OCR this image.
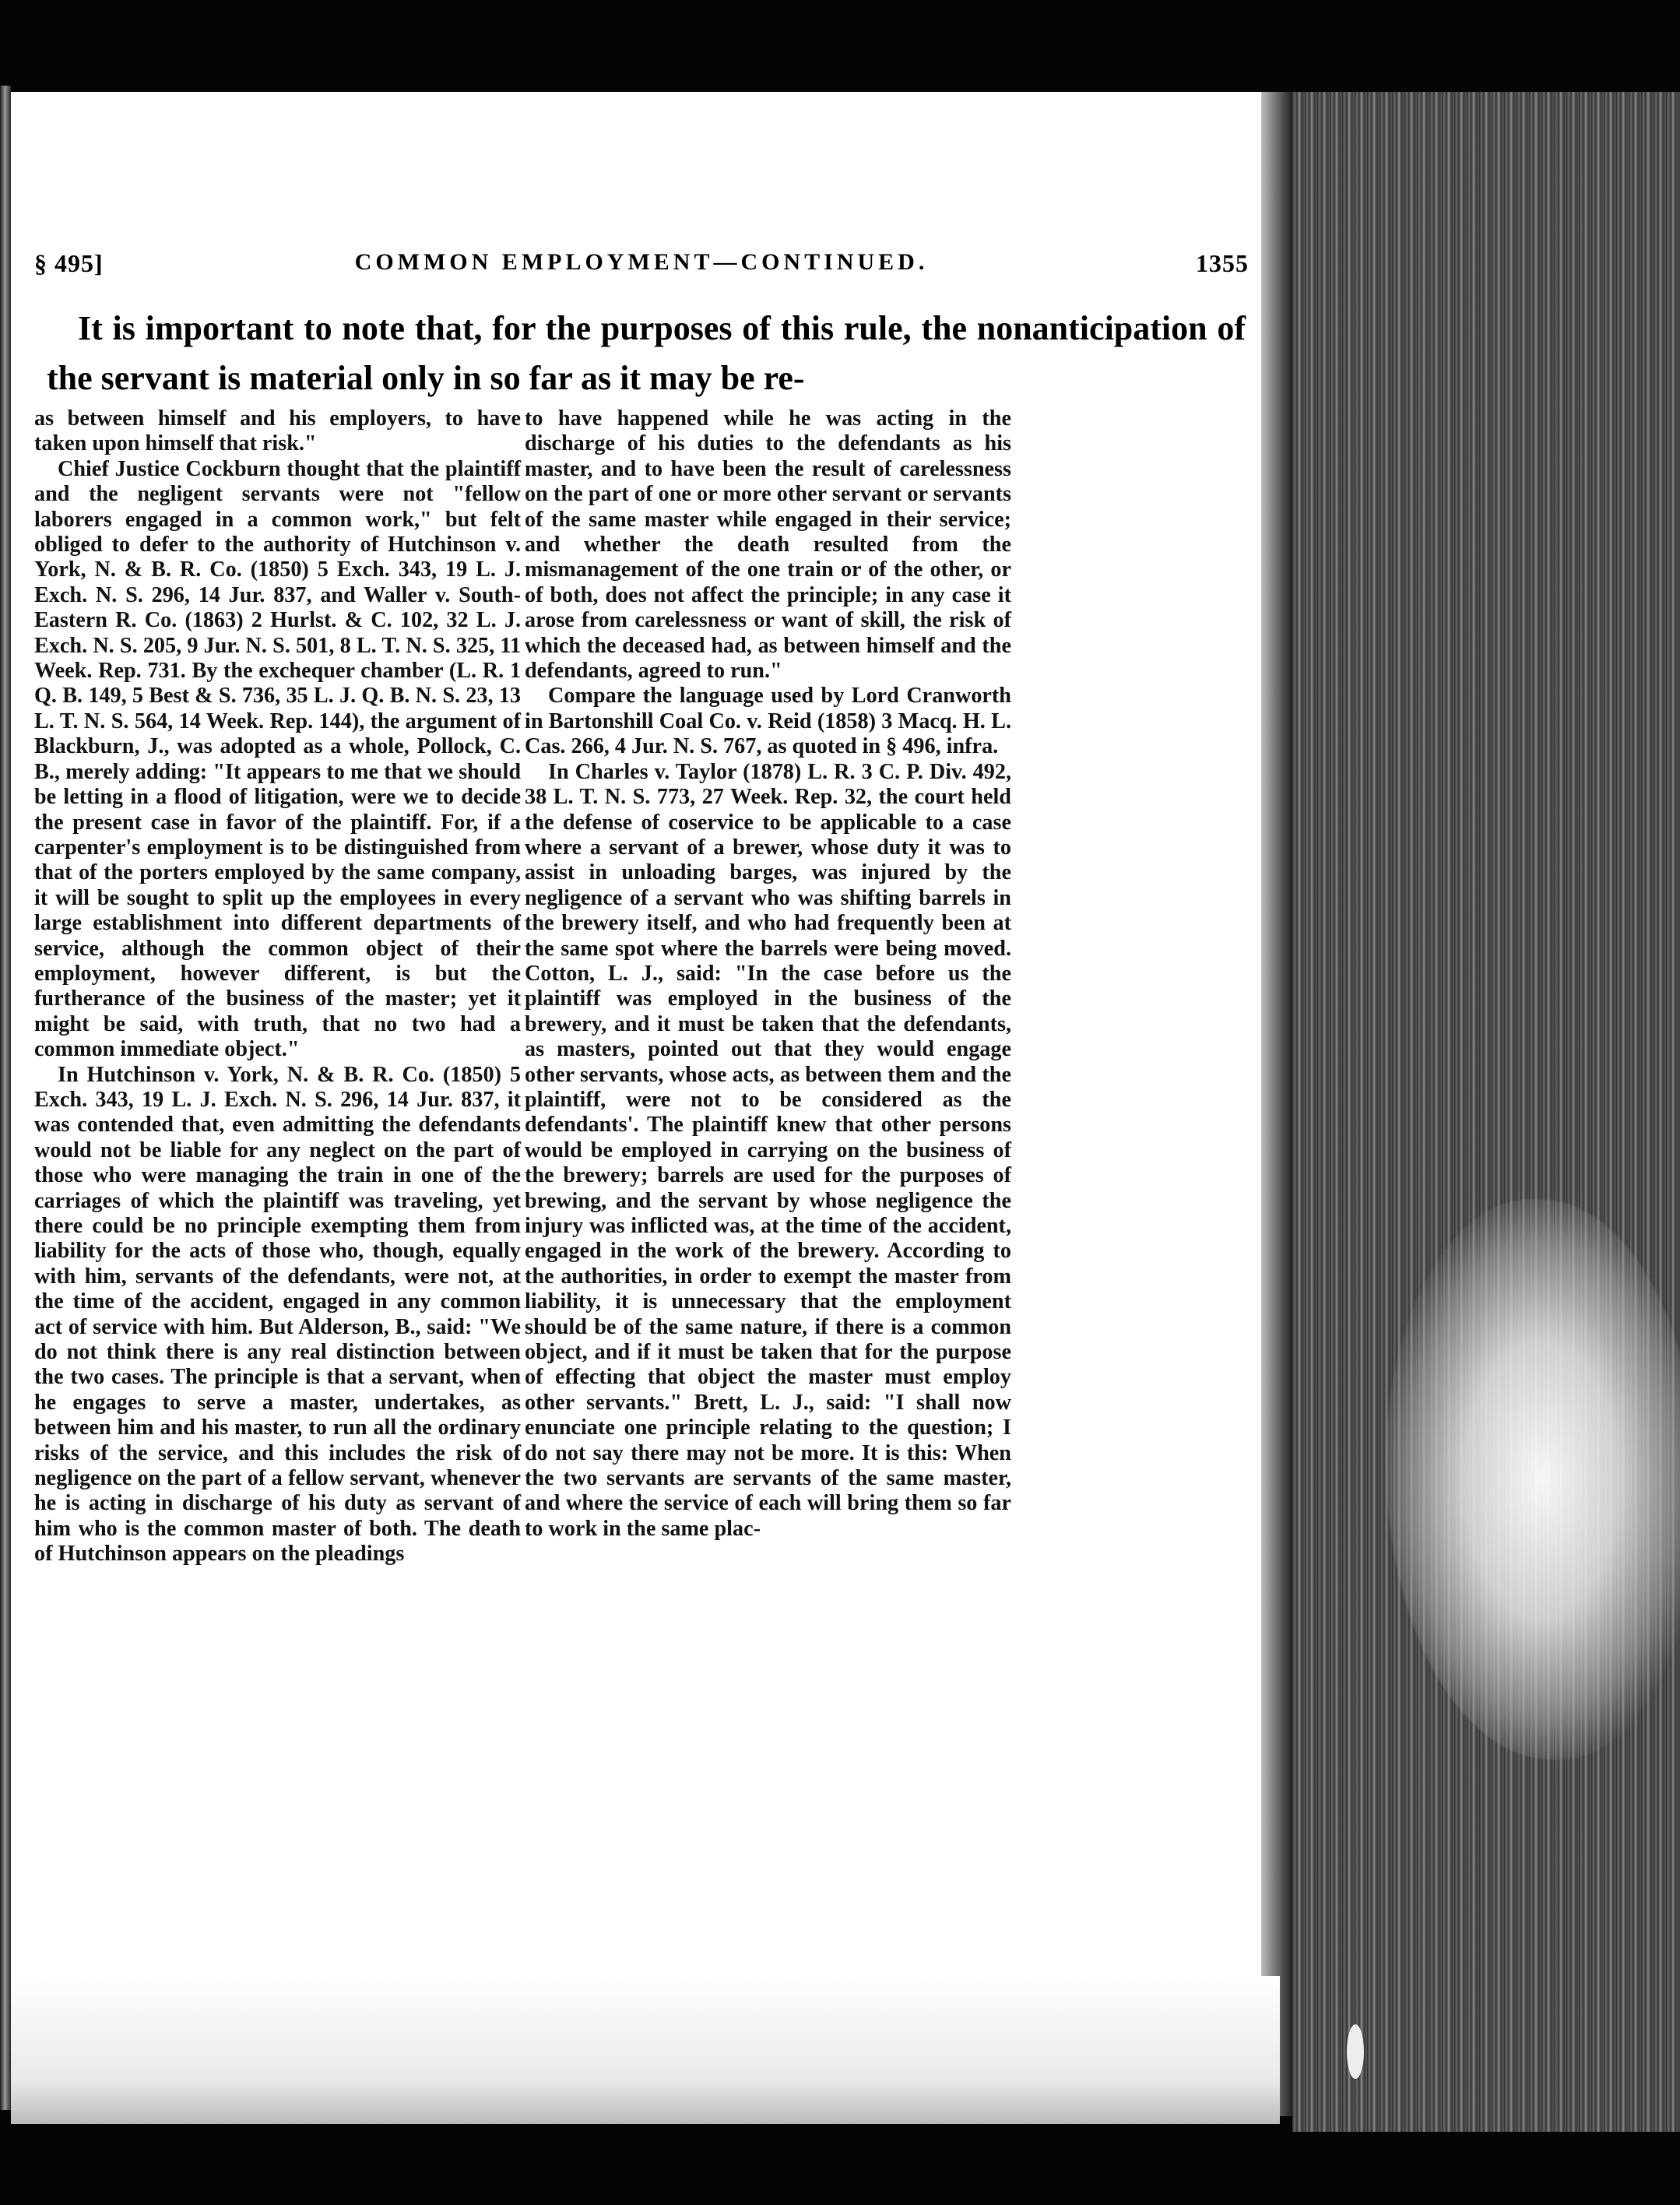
COMMON EMPLOYMENT—CONTINUED.
§ 495]	1355

It is important to note that, for the purposes of this rule, the nonanticipation of the servant is material only in so far as it may be re-

as between himself and his employers, to have taken upon himself that risk."

Chief Justice Cockburn thought that the plaintiff and the negligent servants were not "fellow laborers engaged in a common work," but felt obliged to defer to the authority of Hutchinson v. York, N. & B. R. Co. (1850) 5 Exch. 343, 19 L. J. Exch. N. S. 296, 14 Jur. 837, and Waller v. South-Eastern R. Co. (1863) 2 Hurlst. & C. 102, 32 L. J. Exch. N. S. 205, 9 Jur. N. S. 501, 8 L. T. N. S. 325, 11 Week. Rep. 731. By the exchequer chamber (L. R. 1 Q. B. 149, 5 Best & S. 736, 35 L. J. Q. B. N. S. 23, 13 L. T. N. S. 564, 14 Week. Rep. 144), the argument of Blackburn, J., was adopted as a whole, Pollock, C. B., merely adding: "It appears to me that we should be letting in a flood of litigation, were we to decide the present case in favor of the plaintiff. For, if a carpenter's employment is to be distinguished from that of the porters employed by the same company, it will be sought to split up the employees in every large establishment into different departments of service, although the common object of their employment, however different, is but the furtherance of the business of the master; yet it might be said, with truth, that no two had a common immediate object."

In Hutchinson v. York, N. & B. R. Co. (1850) 5 Exch. 343, 19 L. J. Exch. N. S. 296, 14 Jur. 837, it was contended that, even admitting the defendants would not be liable for any neglect on the part of those who were managing the train in one of the carriages of which the plaintiff was traveling, yet there could be no principle exempting them from liability for the acts of those who, though, equally with him, servants of the defendants, were not, at the time of the accident, engaged in any common act of service with him. But Alderson, B., said: "We do not think there is any real distinction between the two cases. The principle is that a servant, when he engages to serve a master, undertakes, as between him and his master, to run all the ordinary risks of the service, and this includes the risk of negligence on the part of a fellow servant, whenever he is acting in discharge of his duty as servant of him who is the common master of both. The death of Hutchinson appears on the pleadings

to have happened while he was acting in the discharge of his duties to the defendants as his master, and to have been the result of carelessness on the part of one or more other servant or servants of the same master while engaged in their service; and whether the death resulted from the mismanagement of the one train or of the other, or of both, does not affect the principle; in any case it arose from carelessness or want of skill, the risk of which the deceased had, as between himself and the defendants, agreed to run."

Compare the language used by Lord Cranworth in Bartonshill Coal Co. v. Reid (1858) 3 Macq. H. L. Cas. 266, 4 Jur. N. S. 767, as quoted in § 496, infra.

In Charles v. Taylor (1878) L. R. 3 C. P. Div. 492, 38 L. T. N. S. 773, 27 Week. Rep. 32, the court held the defense of coservice to be applicable to a case where a servant of a brewer, whose duty it was to assist in unloading barges, was injured by the negligence of a servant who was shifting barrels in the brewery itself, and who had frequently been at the same spot where the barrels were being moved. Cotton, L. J., said: "In the case before us the plaintiff was employed in the business of the brewery, and it must be taken that the defendants, as masters, pointed out that they would engage other servants, whose acts, as between them and the plaintiff, were not to be considered as the defendants'. The plaintiff knew that other persons would be employed in carrying on the business of the brewery; barrels are used for the purposes of brewing, and the servant by whose negligence the injury was inflicted was, at the time of the accident, engaged in the work of the brewery. According to the authorities, in order to exempt the master from liability, it is unnecessary that the employment should be of the same nature, if there is a common object, and if it must be taken that for the purpose of effecting that object the master must employ other servants." Brett, L. J., said: "I shall now enunciate one principle relating to the question; I do not say there may not be more. It is this: When the two servants are servants of the same master, and where the service of each will bring them so far to work in the same plac-
